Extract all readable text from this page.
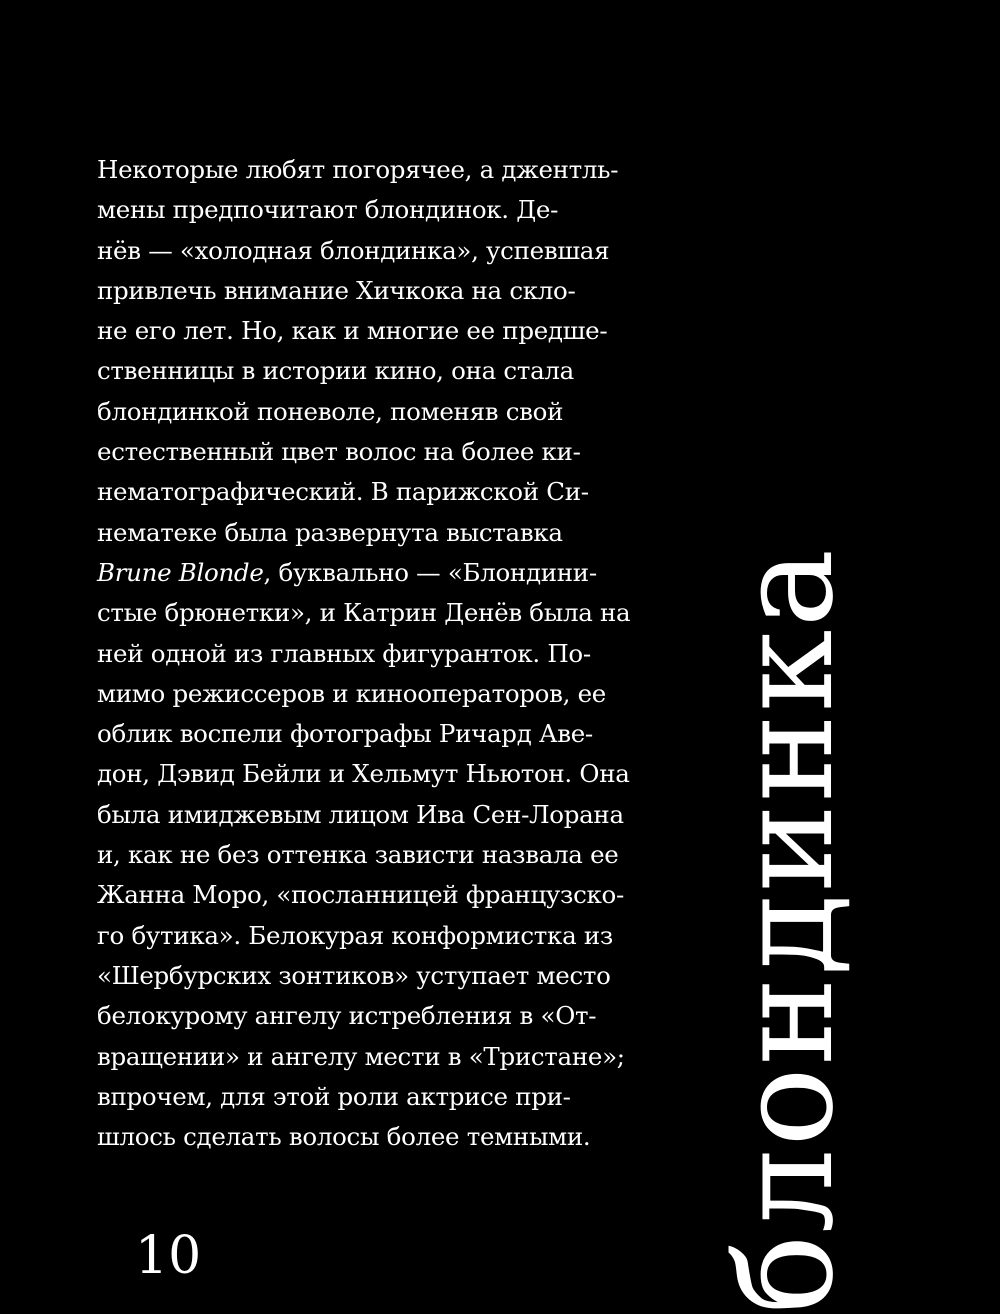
Некоторые любят погорячее, а джентль-
мены предпочитают блондинок. Де-
нёв — «холодная блондинка», успевшая
привлечь внимание Хичкока на скло-
не его лет. Но, как и многие ее предше-
ственницы в истории кино, она стала
блондинкой поневоле, поменяв свой
естественный цвет волос на более ки-
нематографический. В парижской Си-
нематеке была развернута выставка
Brune Blonde, буквально — «Блондини-
стые брюнетки», и Катрин Денёв была на
ней одной из главных фигуранток. По-
мимо режиссеров и кинооператоров, ее
облик воспели фотографы Ричард Аве-
дон, Дэвид Бейли и Хельмут Ньютон. Она
была имиджевым лицом Ива Сен-Лорана
и, как не без оттенка зависти назвала ее
Жанна Моро, «посланницей французско-
го бутика». Белокурая конформистка из
«Шербурских зонтиков» уступает место
белокурому ангелу истребления в «От-
вращении» и ангелу мести в «Тристане»;
впрочем, для этой роли актрисе при-
шлось сделать волосы более темными.
10	блондинка
